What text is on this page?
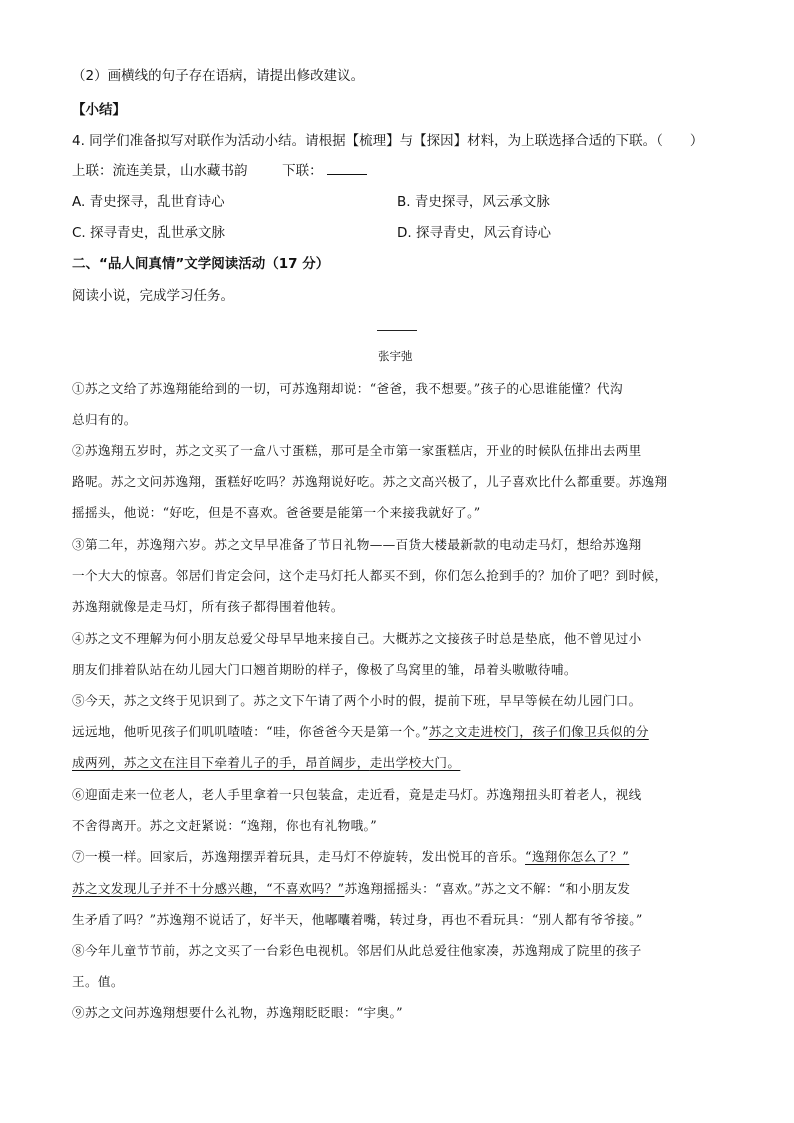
（2）画横线的句子存在语病，请提出修改建议。
【小结】
4. 同学们准备拟写对联作为活动小结。请根据【梳理】与【探因】材料，为上联选择合适的下联。（　　）
上联：流连美景，山水藏书韵	下联：
A. 青史探寻，乱世育诗心	B. 青史探寻，风云承文脉
C. 探寻青史，乱世承文脉	D. 探寻青史，风云育诗心
二、“品人间真情”文学阅读活动（17 分）
阅读小说，完成学习任务。
张宇弛
①苏之文给了苏逸翔能给到的一切，可苏逸翔却说：“爸爸，我不想要。”孩子的心思谁能懂？代沟
总归有的。
②苏逸翔五岁时，苏之文买了一盒八寸蛋糕，那可是全市第一家蛋糕店，开业的时候队伍排出去两里
路呢。苏之文问苏逸翔，蛋糕好吃吗？苏逸翔说好吃。苏之文高兴极了，儿子喜欢比什么都重要。苏逸翔
摇摇头，他说：“好吃，但是不喜欢。爸爸要是能第一个来接我就好了。”
③第二年，苏逸翔六岁。苏之文早早准备了节日礼物——百货大楼最新款的电动走马灯，想给苏逸翔
一个大大的惊喜。邻居们肯定会问，这个走马灯托人都买不到，你们怎么抢到手的？加价了吧？到时候，
苏逸翔就像是走马灯，所有孩子都得围着他转。
④苏之文不理解为何小朋友总爱父母早早地来接自己。大概苏之文接孩子时总是垫底，他不曾见过小
朋友们排着队站在幼儿园大门口翘首期盼的样子，像极了鸟窝里的雏，昂着头嗷嗷待哺。
⑤今天，苏之文终于见识到了。苏之文下午请了两个小时的假，提前下班，早早等候在幼儿园门口。
远远地，他听见孩子们叽叽喳喳：“哇，你爸爸今天是第一个。”苏之文走进校门，孩子们像卫兵似的分
成两列，苏之文在注目下牵着儿子的手，昂首阔步，走出学校大门。
⑥迎面走来一位老人，老人手里拿着一只包装盒，走近看，竟是走马灯。苏逸翔扭头盯着老人，视线
不舍得离开。苏之文赶紧说：“逸翔，你也有礼物哦。”
⑦一模一样。回家后，苏逸翔摆弄着玩具，走马灯不停旋转，发出悦耳的音乐。“逸翔你怎么了？”
苏之文发现儿子并不十分感兴趣，“不喜欢吗？”苏逸翔摇摇头：“喜欢。”苏之文不解：“和小朋友发
生矛盾了吗？”苏逸翔不说话了，好半天，他嘟囔着嘴，转过身，再也不看玩具：“别人都有爷爷接。”
⑧今年儿童节节前，苏之文买了一台彩色电视机。邻居们从此总爱往他家凑，苏逸翔成了院里的孩子
王。值。
⑨苏之文问苏逸翔想要什么礼物，苏逸翔眨眨眼：“宇奥。”
